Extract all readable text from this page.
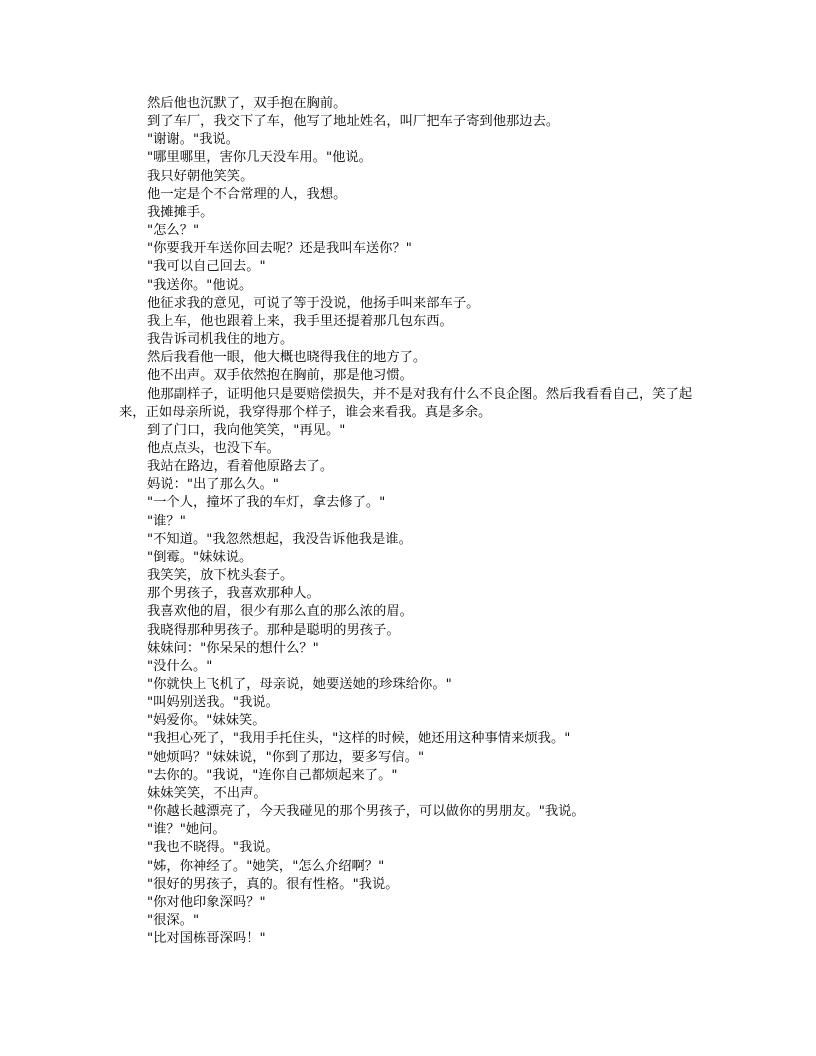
然后他也沉默了，双手抱在胸前。

到了车厂，我交下了车，他写了地址姓名，叫厂把车子寄到他那边去。

"谢谢。"我说。

"哪里哪里，害你几天没车用。"他说。

我只好朝他笑笑。

他一定是个不合常理的人，我想。

我摊摊手。

"怎么？"

"你要我开车送你回去呢？还是我叫车送你？"

"我可以自己回去。"

"我送你。"他说。

他征求我的意见，可说了等于没说，他扬手叫来部车子。

我上车，他也跟着上来，我手里还提着那几包东西。

我告诉司机我住的地方。

然后我看他一眼，他大概也晓得我住的地方了。

他不出声。双手依然抱在胸前，那是他习惯。

他那副样子，证明他只是要赔偿损失，并不是对我有什么不良企图。然后我看看自己，笑了起来，正如母亲所说，我穿得那个样子，谁会来看我。真是多余。

到了门口，我向他笑笑，"再见。"

他点点头，也没下车。

我站在路边，看着他原路去了。

妈说："出了那么久。"

"一个人，撞坏了我的车灯，拿去修了。"

"谁？"

"不知道。"我忽然想起，我没告诉他我是谁。

"倒霉。"妹妹说。

我笑笑，放下枕头套子。

那个男孩子，我喜欢那种人。

我喜欢他的眉，很少有那么直的那么浓的眉。

我晓得那种男孩子。那种是聪明的男孩子。

妹妹问："你呆呆的想什么？"

"没什么。"

"你就快上飞机了，母亲说，她要送她的珍珠给你。"

"叫妈别送我。"我说。

"妈爱你。"妹妹笑。

"我担心死了，"我用手托住头，"这样的时候，她还用这种事情来烦我。"

"她烦吗？"妹妹说，"你到了那边，要多写信。"

"去你的。"我说，"连你自己都烦起来了。"

妹妹笑笑，不出声。

"你越长越漂亮了，今天我碰见的那个男孩子，可以做你的男朋友。"我说。

"谁？"她问。

"我也不晓得。"我说。

"姊，你神经了。"她笑，"怎么介绍啊？"

"很好的男孩子，真的。很有性格。"我说。

"你对他印象深吗？"

"很深。"

"比对国栋哥深吗！"
